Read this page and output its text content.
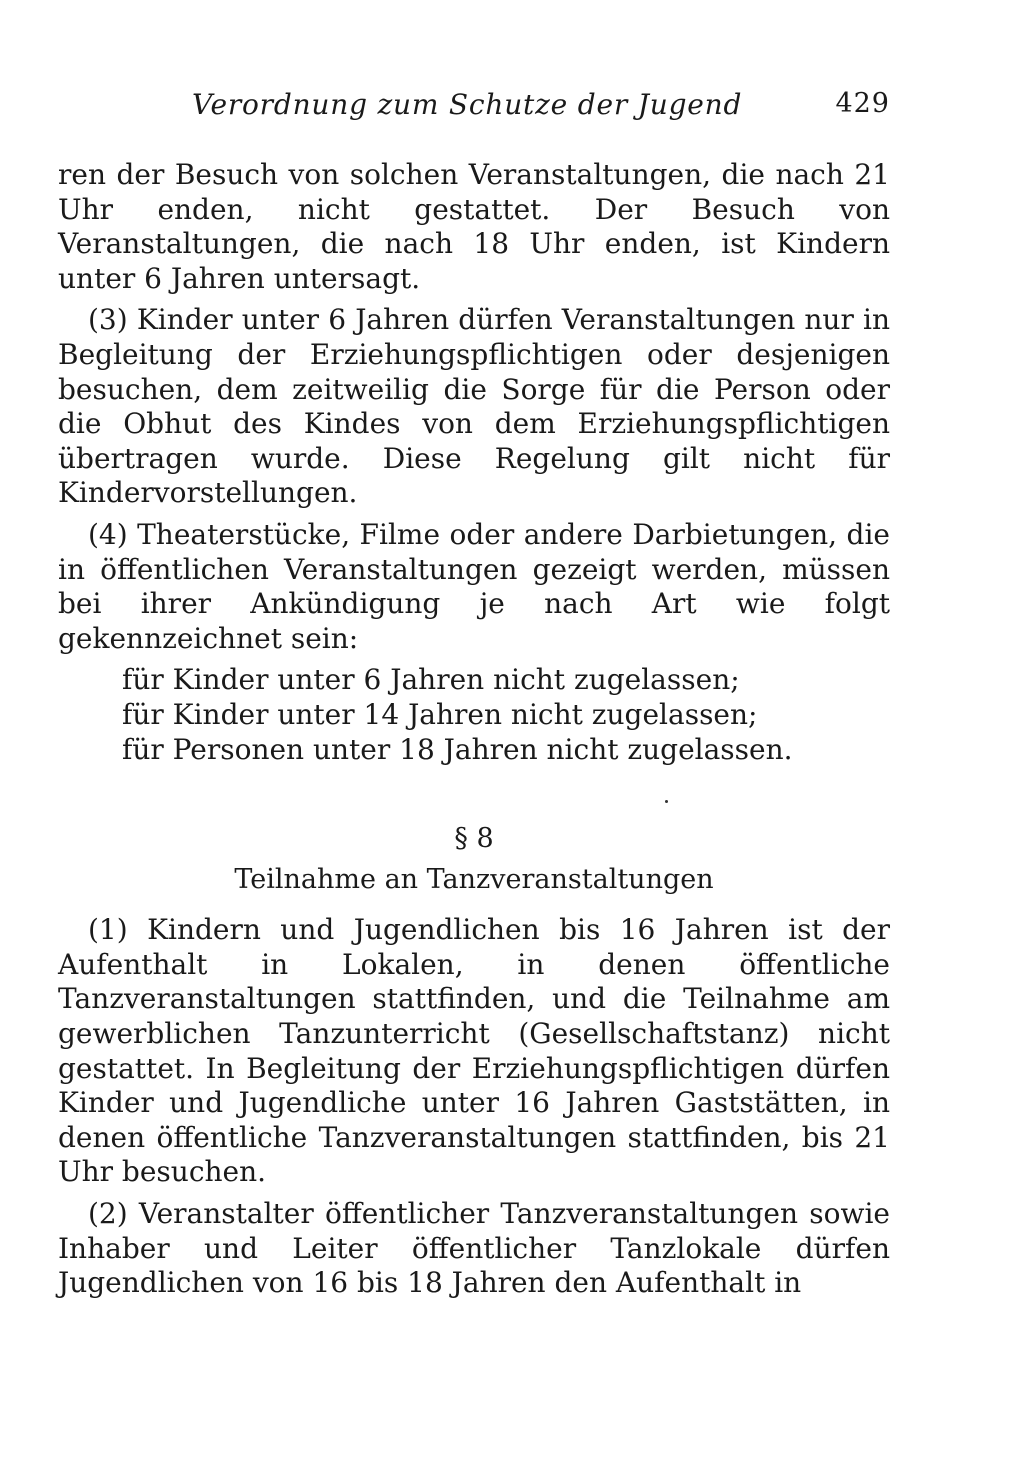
Verordnung zum Schutze der Jugend	429

ren der Besuch von solchen Veranstaltungen, die nach 21 Uhr enden, nicht gestattet. Der Besuch von Veranstaltungen, die nach 18 Uhr enden, ist Kindern unter 6 Jahren untersagt.

(3) Kinder unter 6 Jahren dürfen Veranstaltungen nur in Begleitung der Erziehungspflichtigen oder desjenigen besuchen, dem zeitweilig die Sorge für die Person oder die Obhut des Kindes von dem Erziehungspflichtigen übertragen wurde. Diese Regelung gilt nicht für Kindervorstellungen.

(4) Theaterstücke, Filme oder andere Darbietungen, die in öffentlichen Veranstaltungen gezeigt werden, müssen bei ihrer Ankündigung je nach Art wie folgt gekennzeichnet sein:

für Kinder unter 6 Jahren nicht zugelassen;
für Kinder unter 14 Jahren nicht zugelassen;
für Personen unter 18 Jahren nicht zugelassen.
§ 8
Teilnahme an Tanzveranstaltungen

(1) Kindern und Jugendlichen bis 16 Jahren ist der Aufenthalt in Lokalen, in denen öffentliche Tanzveranstaltungen stattfinden, und die Teilnahme am gewerblichen Tanzunterricht (Gesellschaftstanz) nicht gestattet. In Begleitung der Erziehungspflichtigen dürfen Kinder und Jugendliche unter 16 Jahren Gaststätten, in denen öffentliche Tanzveranstaltungen stattfinden, bis 21 Uhr besuchen.

(2) Veranstalter öffentlicher Tanzveranstaltungen sowie Inhaber und Leiter öffentlicher Tanzlokale dürfen Jugendlichen von 16 bis 18 Jahren den Aufenthalt in
